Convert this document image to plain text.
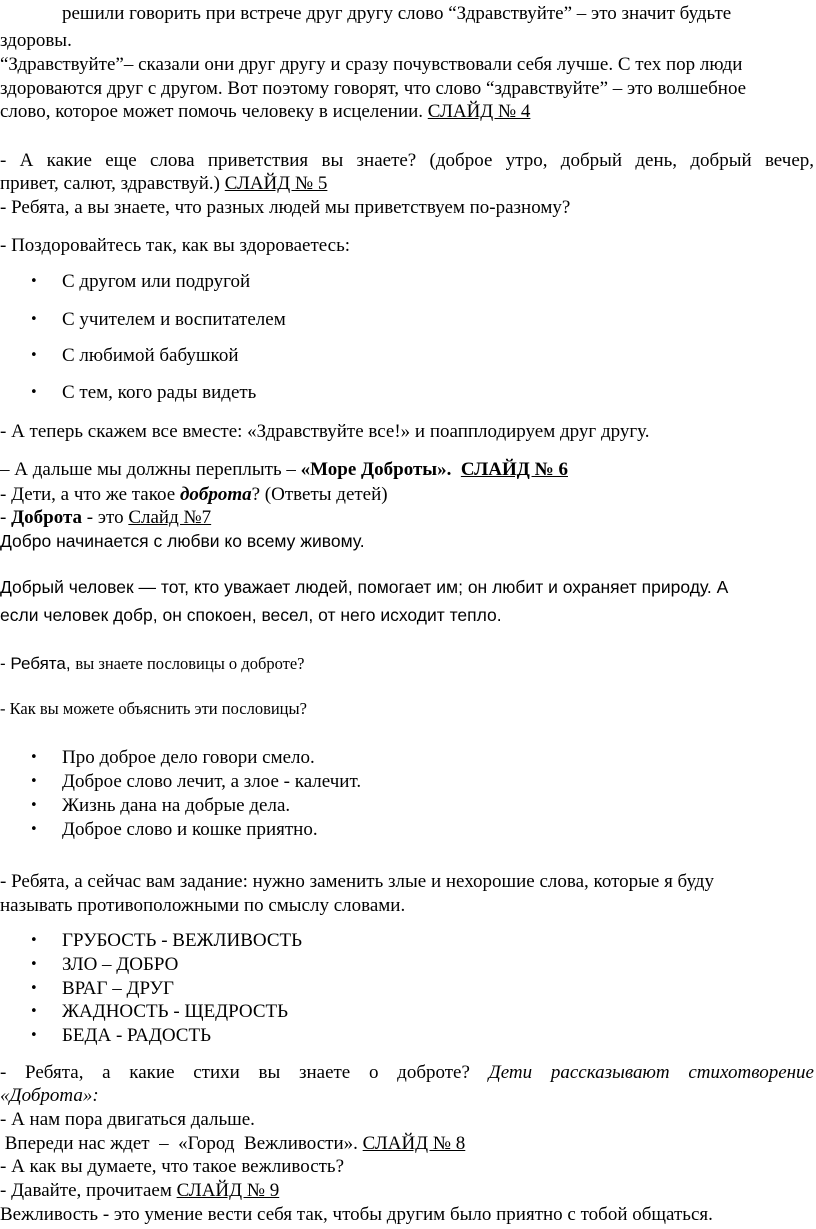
решили говорить при встрече друг другу слово “Здравствуйте” – это значит будьте
здоровы.
“Здравствуйте”– сказали они друг другу и сразу почувствовали себя лучше. С тех пор люди
здороваются друг с другом. Вот поэтому говорят, что слово “здравствуйте” – это волшебное
слово, которое может помочь человеку в исцелении. СЛАЙД № 4
- А какие еще слова приветствия вы знаете? (доброе утро, добрый день, добрый вечер,
привет, салют, здравствуй.) СЛАЙД № 5
- Ребята, а вы знаете, что разных людей мы приветствуем по-разному?
- Поздоровайтесь так, как вы здороваетесь:
• С другом или подругой
• С учителем и воспитателем
• С любимой бабушкой
• С тем, кого рады видеть
- А теперь скажем все вместе: «Здравствуйте все!» и поапплодируем друг другу.
– А дальше мы должны переплыть – «Море Доброты». СЛАЙД № 6
- Дети, а что же такое доброта? (Ответы детей)
- Доброта - это Слайд №7
Добро начинается с любви ко всему живому.
Добрый человек — тот, кто уважает людей, помогает им; он любит и охраняет природу. А
если человек добр, он спокоен, весел, от него исходит тепло.
- Ребята, вы знаете пословицы о доброте?
- Как вы можете объяснить эти пословицы?
• Про доброе дело говори смело.
• Доброе слово лечит, а злое - калечит.
• Жизнь дана на добрые дела.
• Доброе слово и кошке приятно.
- Ребята, а сейчас вам задание: нужно заменить злые и нехорошие слова, которые я буду
называть противоположными по смыслу словами.
• ГРУБОСТЬ - ВЕЖЛИВОСТЬ
• ЗЛО – ДОБРО
• ВРАГ – ДРУГ
• ЖАДНОСТЬ - ЩЕДРОСТЬ
• БЕДА - РАДОСТЬ
- Ребята, а какие стихи вы знаете о доброте? Дети рассказывают стихотворение
«Доброта»:
- А нам пора двигаться дальше.
Впереди нас ждет  –  «Город  Вежливости». СЛАЙД № 8
- А как вы думаете, что такое вежливость?
- Давайте, прочитаем СЛАЙД № 9
Вежливость - это умение вести себя так, чтобы другим было приятно с тобой общаться.
